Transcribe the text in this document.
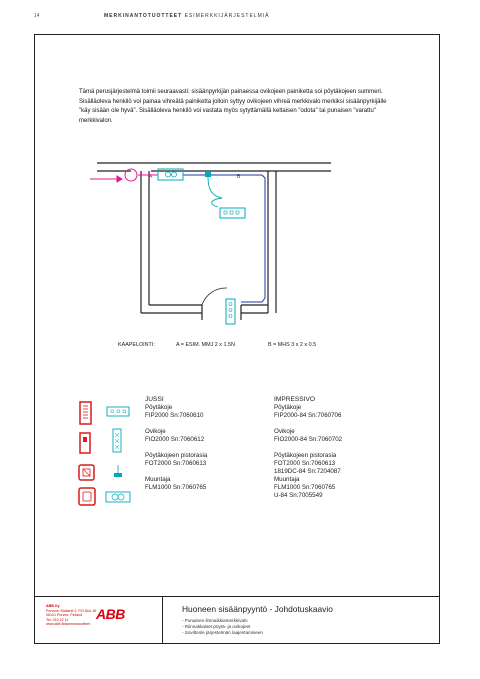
14	MERKINANTOTUOTTEET ESIMERKKIJÄRJESTELMIÄ
Tämä perusjärjestelmä toimii seuraavasti: sisäänpyrkijän painaessa ovikojeen painiketta soi pöytäkojeen summeri. Sisälläoleva henkilö voi painaa vihreätä painiketta jolloin syttyy ovikojeen vihreä merkkivalo merkiksi sisäänpyrkijälle "käy sisään ole hyvä". Sisälläoleva henkilö voi vastata myös sytyttämällä keltaisen "odota" tai punaisen "varattu" merkkivalon.
A	B
KAAPELOINTI:	A = ESIM. MMJ 2 x 1.5N	B = MHS 3 x 2 x 0.5
JUSSI
Pöytäkoje
FIP2000 Sn:7060610
Ovikoje
FIO2000 Sn:7060612
Pöytäkojeen pistorasia
FOT2000 Sn:7060613
Muuntaja
FLM1000 Sn:7060765
IMPRESSIVO
Pöytäkoje
FIP2000-84 Sn:7060706
Ovikoje
FIO2000-84 Sn:7060702
Pöytäkojeen pistorasia
FOT2000 Sn:7060613
1819DC-84 Sn:7204087
Muuntaja
FLM1000 Sn:7060765
U-84 Sn:7005549
ABB Oy
Porvoon Stallarid 2, P.O.Box 16
06101 Porvoo, Finland
Tel. 010 22 11
www.abb.fi/asennustuotteet
ABB	Huoneen sisäänpyyntö - Johdotuskaavio
- Punainen ilmnaikkiamerkkivalo
- Riinnakkaiset pöytä- ja ovikojeet
- Soviltonle järjestelmän laajentamiseen
